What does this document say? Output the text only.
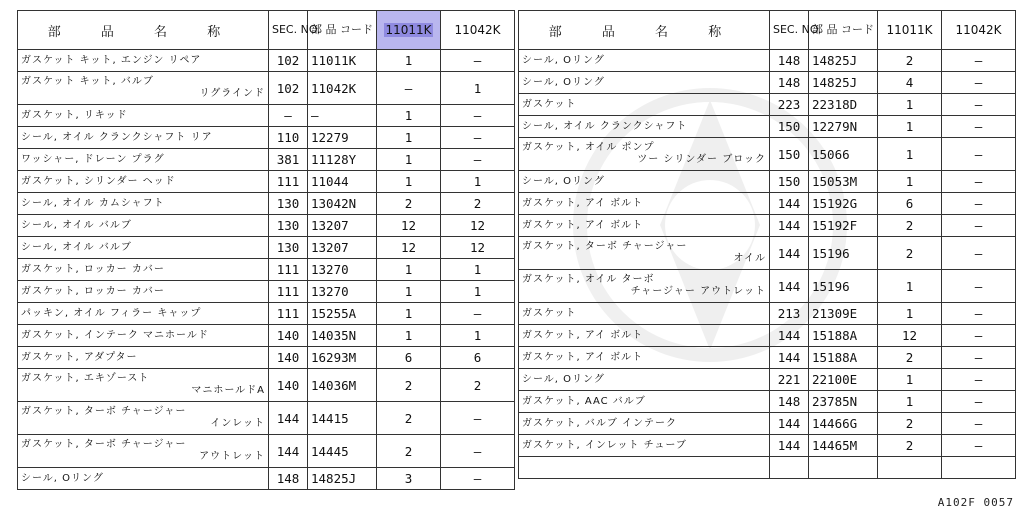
部 品 名 称	SEC. NO.	部 品 コード	11011K	11042K

ガスケット キット, エンジン リペア	102	11011K	1	—

ガスケット キット, バルブ
リグラインド	102	11042K	—	1

ガスケット, リキッド	—	—	1	—

シール, オイル クランクシャフト リア	110	12279	1	—

ワッシャー, ドレーン プラグ	381	11128Y	1	—

ガスケット, シリンダー ヘッド	111	11044	1	1

シール, オイル カムシャフト	130	13042N	2	2

シール, オイル バルブ	130	13207	12	12

シール, オイル バルブ	130	13207	12	12

ガスケット, ロッカー カバー	111	13270	1	1

ガスケット, ロッカー カバー	111	13270	1	1

パッキン, オイル フィラー キャップ	111	15255A	1	—

ガスケット, インテーク マニホールド	140	14035N	1	1

ガスケット, アダプター	140	16293M	6	6

ガスケット, エキゾースト
マニホールドA	140	14036M	2	2

ガスケット, ターボ チャージャー
インレット	144	14415	2	—

ガスケット, ターボ チャージャー
アウトレット	144	14445	2	—

シール, Oリング	148	14825J	3	—
部 品 名 称	SEC. NO.	部 品 コード	11011K	11042K

シール, Oリング	148	14825J	2	—

シール, Oリング	148	14825J	4	—

ガスケット	223	22318D	1	—

シール, オイル クランクシャフト	150	12279N	1	—

ガスケット, オイル ポンプ
ツー シリンダー ブロック	150	15066	1	—

シール, Oリング	150	15053M	1	—

ガスケット, アイ ボルト	144	15192G	6	—

ガスケット, アイ ボルト	144	15192F	2	—

ガスケット, ターボ チャージャー
オイル	144	15196	2	—

ガスケット, オイル ターボ
チャージャー アウトレット	144	15196	1	—

ガスケット	213	21309E	1	—

ガスケット, アイ ボルト	144	15188A	12	—

ガスケット, アイ ボルト	144	15188A	2	—

シール, Oリング	221	22100E	1	—

ガスケット, AAC バルブ	148	23785N	1	—

ガスケット, バルブ インテーク	144	14466G	2	—

ガスケット, インレット チューブ	144	14465M	2	—

A102F 0057
